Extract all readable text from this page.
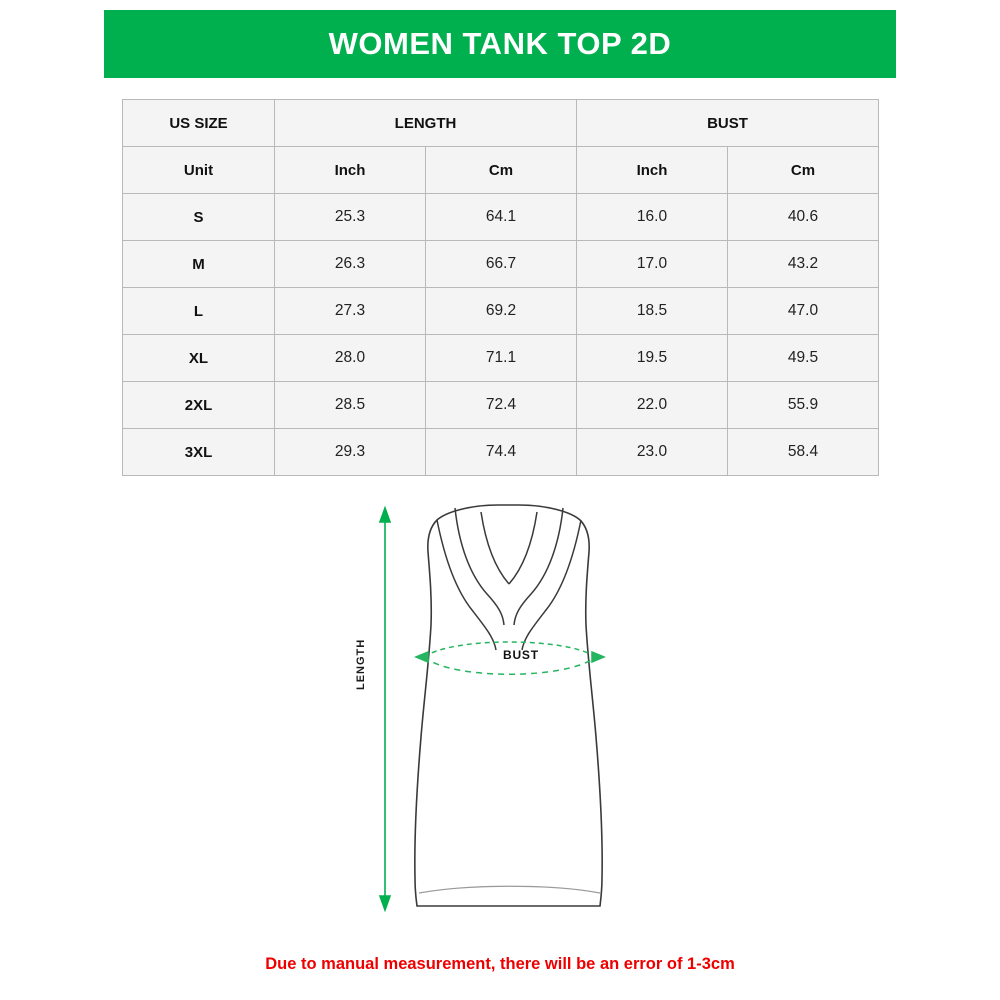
WOMEN TANK TOP 2D
US SIZE	LENGTH		BUST	
Unit	Inch	Cm	Inch	Cm
S	25.3	64.1	16.0	40.6
M	26.3	66.7	17.0	43.2
L	27.3	69.2	18.5	47.0
XL	28.0	71.1	19.5	49.5
2XL	28.5	72.4	22.0	55.9
3XL	29.3	74.4	23.0	58.4
LENGTH	BUST
Due to manual measurement, there will be an error of 1-3cm
